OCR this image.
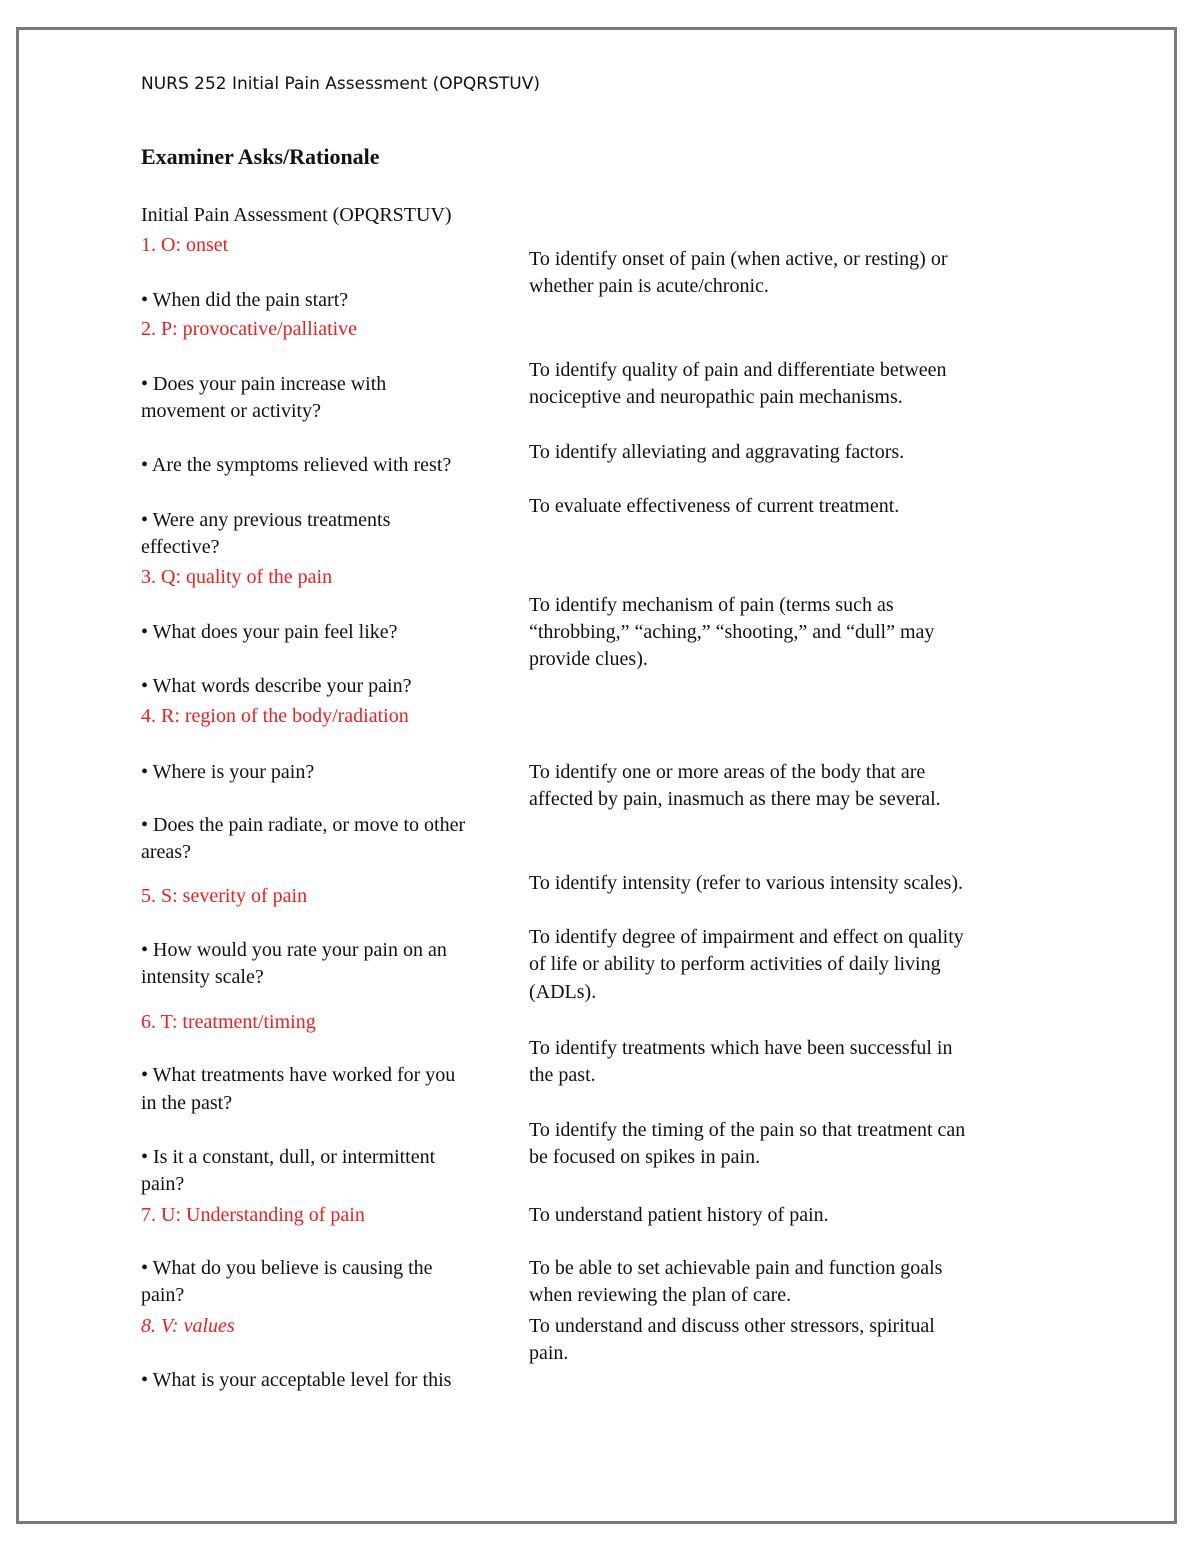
NURS 252 Initial Pain Assessment (OPQRSTUV)
Examiner Asks/Rationale
Initial Pain Assessment (OPQRSTUV)
1. O: onset
• When did the pain start?
2. P: provocative/palliative
• Does your pain increase with
movement or activity?
• Are the symptoms relieved with rest?
• Were any previous treatments
effective?
3. Q: quality of the pain
• What does your pain feel like?
• What words describe your pain?
4. R: region of the body/radiation
• Where is your pain?
• Does the pain radiate, or move to other
areas?
5. S: severity of pain
• How would you rate your pain on an
intensity scale?
6. T: treatment/timing
• What treatments have worked for you
in the past?
• Is it a constant, dull, or intermittent
pain?
7. U: Understanding of pain
• What do you believe is causing the
pain?
8. V: values
• What is your acceptable level for this
To identify onset of pain (when active, or resting) or
whether pain is acute/chronic.
To identify quality of pain and differentiate between
nociceptive and neuropathic pain mechanisms.
To identify alleviating and aggravating factors.
To evaluate effectiveness of current treatment.
To identify mechanism of pain (terms such as
“throbbing,” “aching,” “shooting,” and “dull” may
provide clues).
To identify one or more areas of the body that are
affected by pain, inasmuch as there may be several.
To identify intensity (refer to various intensity scales).
To identify degree of impairment and effect on quality
of life or ability to perform activities of daily living
(ADLs).
To identify treatments which have been successful in
the past.
To identify the timing of the pain so that treatment can
be focused on spikes in pain.
To understand patient history of pain.
To be able to set achievable pain and function goals
when reviewing the plan of care.
To understand and discuss other stressors, spiritual
pain.
